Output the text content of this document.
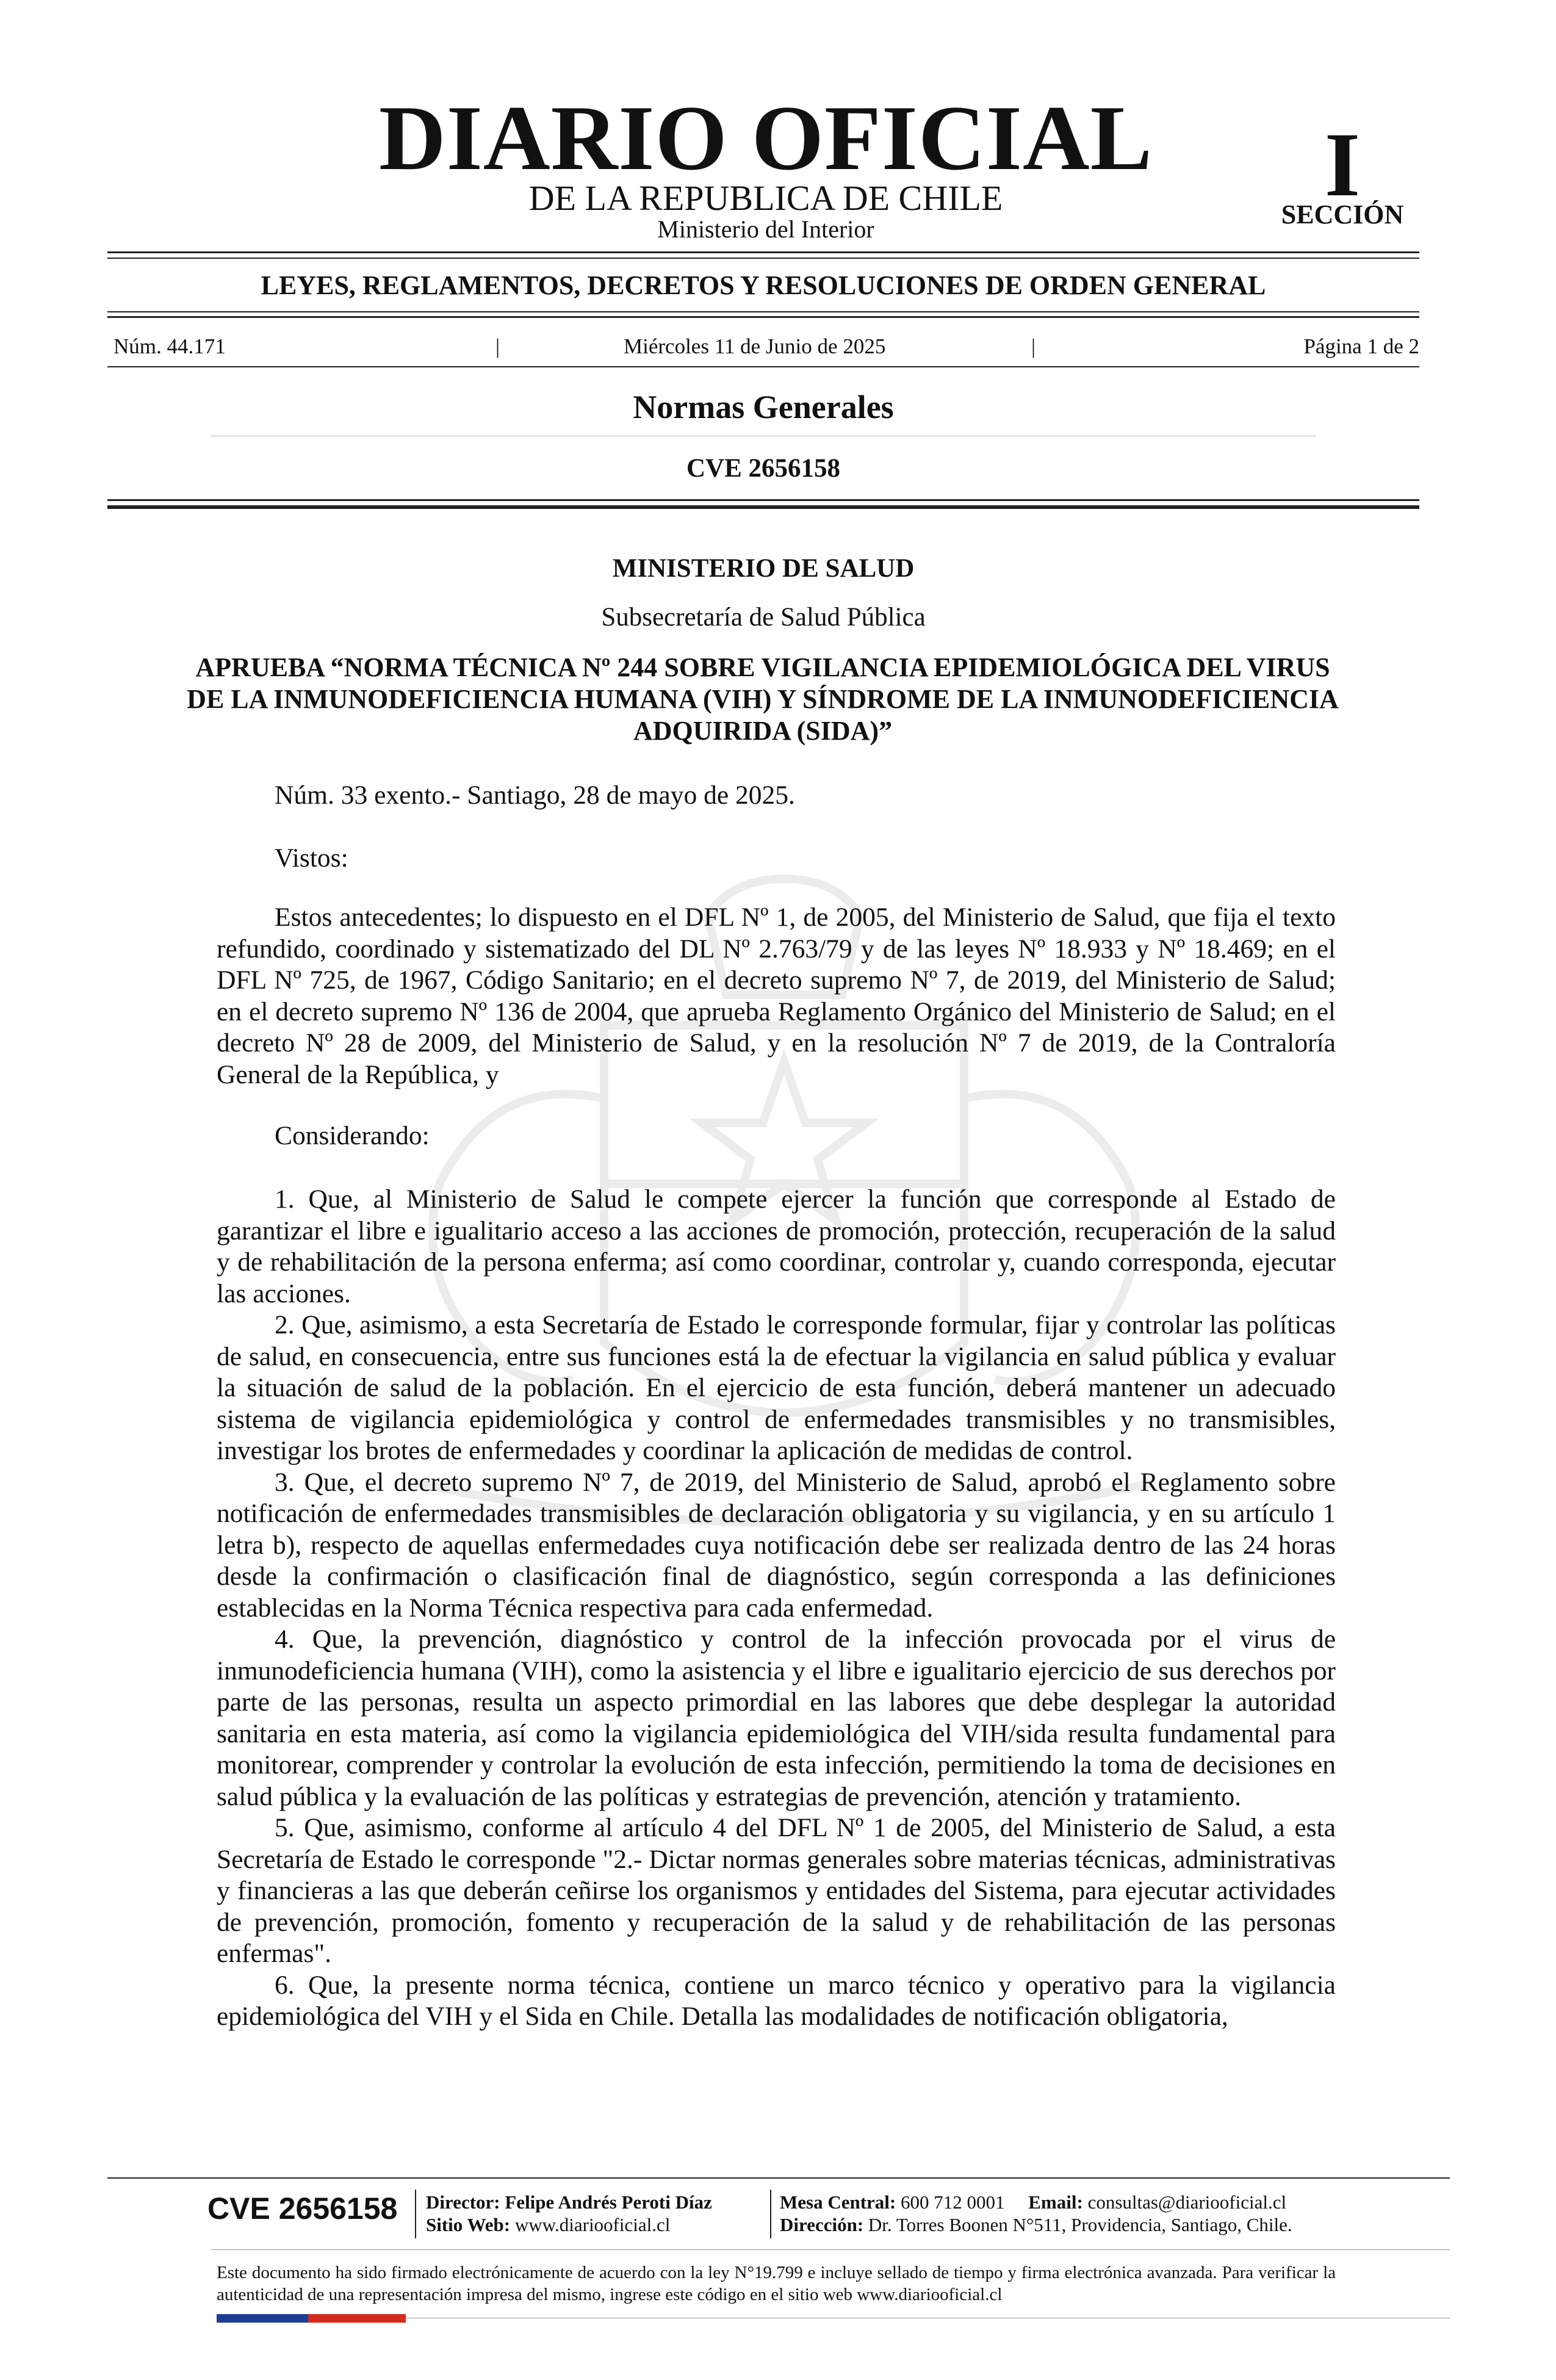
DIARIO OFICIAL
DE LA REPUBLICA DE CHILE
Ministerio del Interior
I
SECCIÓN
LEYES, REGLAMENTOS, DECRETOS Y RESOLUCIONES DE ORDEN GENERAL
Núm. 44.171	|	Miércoles 11 de Junio de 2025	|	Página 1 de 2
Normas Generales
CVE 2656158
MINISTERIO DE SALUD
Subsecretaría de Salud Pública
APRUEBA “NORMA TÉCNICA Nº 244 SOBRE VIGILANCIA EPIDEMIOLÓGICA DEL VIRUS DE LA INMUNODEFICIENCIA HUMANA (VIH) Y SÍNDROME DE LA INMUNODEFICIENCIA ADQUIRIDA (SIDA)”
Núm. 33 exento.- Santiago, 28 de mayo de 2025.
Vistos:

Estos antecedentes; lo dispuesto en el DFL Nº 1, de 2005, del Ministerio de Salud, que fija el texto refundido, coordinado y sistematizado del DL Nº 2.763/79 y de las leyes Nº 18.933 y Nº 18.469; en el DFL Nº 725, de 1967, Código Sanitario; en el decreto supremo Nº 7, de 2019, del Ministerio de Salud; en el decreto supremo Nº 136 de 2004, que aprueba Reglamento Orgánico del Ministerio de Salud; en el decreto Nº 28 de 2009, del Ministerio de Salud, y en la resolución Nº 7 de 2019, de la Contraloría General de la República, y

Considerando:

1. Que, al Ministerio de Salud le compete ejercer la función que corresponde al Estado de garantizar el libre e igualitario acceso a las acciones de promoción, protección, recuperación de la salud y de rehabilitación de la persona enferma; así como coordinar, controlar y, cuando corresponda, ejecutar las acciones.

2. Que, asimismo, a esta Secretaría de Estado le corresponde formular, fijar y controlar las políticas de salud, en consecuencia, entre sus funciones está la de efectuar la vigilancia en salud pública y evaluar la situación de salud de la población. En el ejercicio de esta función, deberá mantener un adecuado sistema de vigilancia epidemiológica y control de enfermedades transmisibles y no transmisibles, investigar los brotes de enfermedades y coordinar la aplicación de medidas de control.

3. Que, el decreto supremo Nº 7, de 2019, del Ministerio de Salud, aprobó el Reglamento sobre notificación de enfermedades transmisibles de declaración obligatoria y su vigilancia, y en su artículo 1 letra b), respecto de aquellas enfermedades cuya notificación debe ser realizada dentro de las 24 horas desde la confirmación o clasificación final de diagnóstico, según corresponda a las definiciones establecidas en la Norma Técnica respectiva para cada enfermedad.

4. Que, la prevención, diagnóstico y control de la infección provocada por el virus de inmunodeficiencia humana (VIH), como la asistencia y el libre e igualitario ejercicio de sus derechos por parte de las personas, resulta un aspecto primordial en las labores que debe desplegar la autoridad sanitaria en esta materia, así como la vigilancia epidemiológica del VIH/sida resulta fundamental para monitorear, comprender y controlar la evolución de esta infección, permitiendo la toma de decisiones en salud pública y la evaluación de las políticas y estrategias de prevención, atención y tratamiento.

5. Que, asimismo, conforme al artículo 4 del DFL Nº 1 de 2005, del Ministerio de Salud, a esta Secretaría de Estado le corresponde "2.- Dictar normas generales sobre materias técnicas, administrativas y financieras a las que deberán ceñirse los organismos y entidades del Sistema, para ejecutar actividades de prevención, promoción, fomento y recuperación de la salud y de rehabilitación de las personas enfermas".

6. Que, la presente norma técnica, contiene un marco técnico y operativo para la vigilancia epidemiológica del VIH y el Sida en Chile. Detalla las modalidades de notificación obligatoria,

CVE 2656158 Director: Felipe Andrés Peroti Díaz
Sitio Web: www.diariooficial.cl
Mesa Central: 600 712 0001 Email: consultas@diariooficial.cl
Dirección: Dr. Torres Boonen N°511, Providencia, Santiago, Chile.
Este documento ha sido firmado electrónicamente de acuerdo con la ley N°19.799 e incluye sellado de tiempo y firma electrónica avanzada. Para verificar la autenticidad de una representación impresa del mismo, ingrese este código en el sitio web www.diariooficial.cl
